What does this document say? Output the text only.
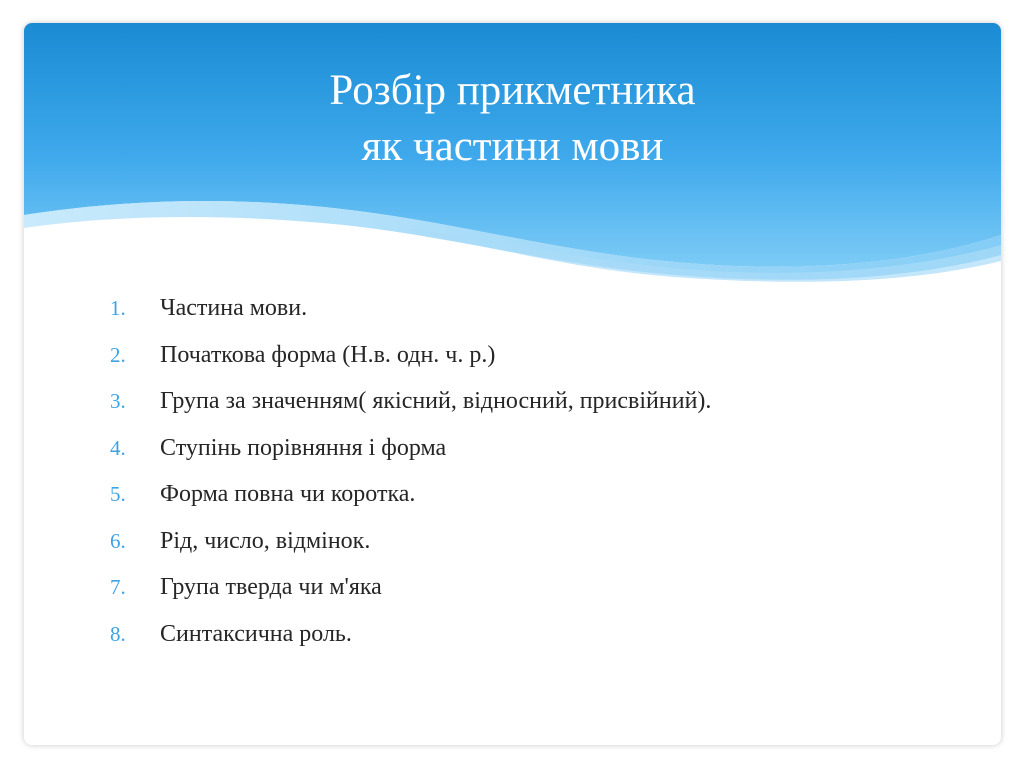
Розбір прикметника
як частини мови
1.	Частина мови.
2.	Початкова форма (Н.в. одн. ч. р.)
3.	Група за значенням( якісний, відносний, присвійний).
4.	Ступінь порівняння і форма
5.	Форма повна чи коротка.
6.	Рід, число, відмінок.
7.	Група тверда чи м'яка
8.	Синтаксична роль.
